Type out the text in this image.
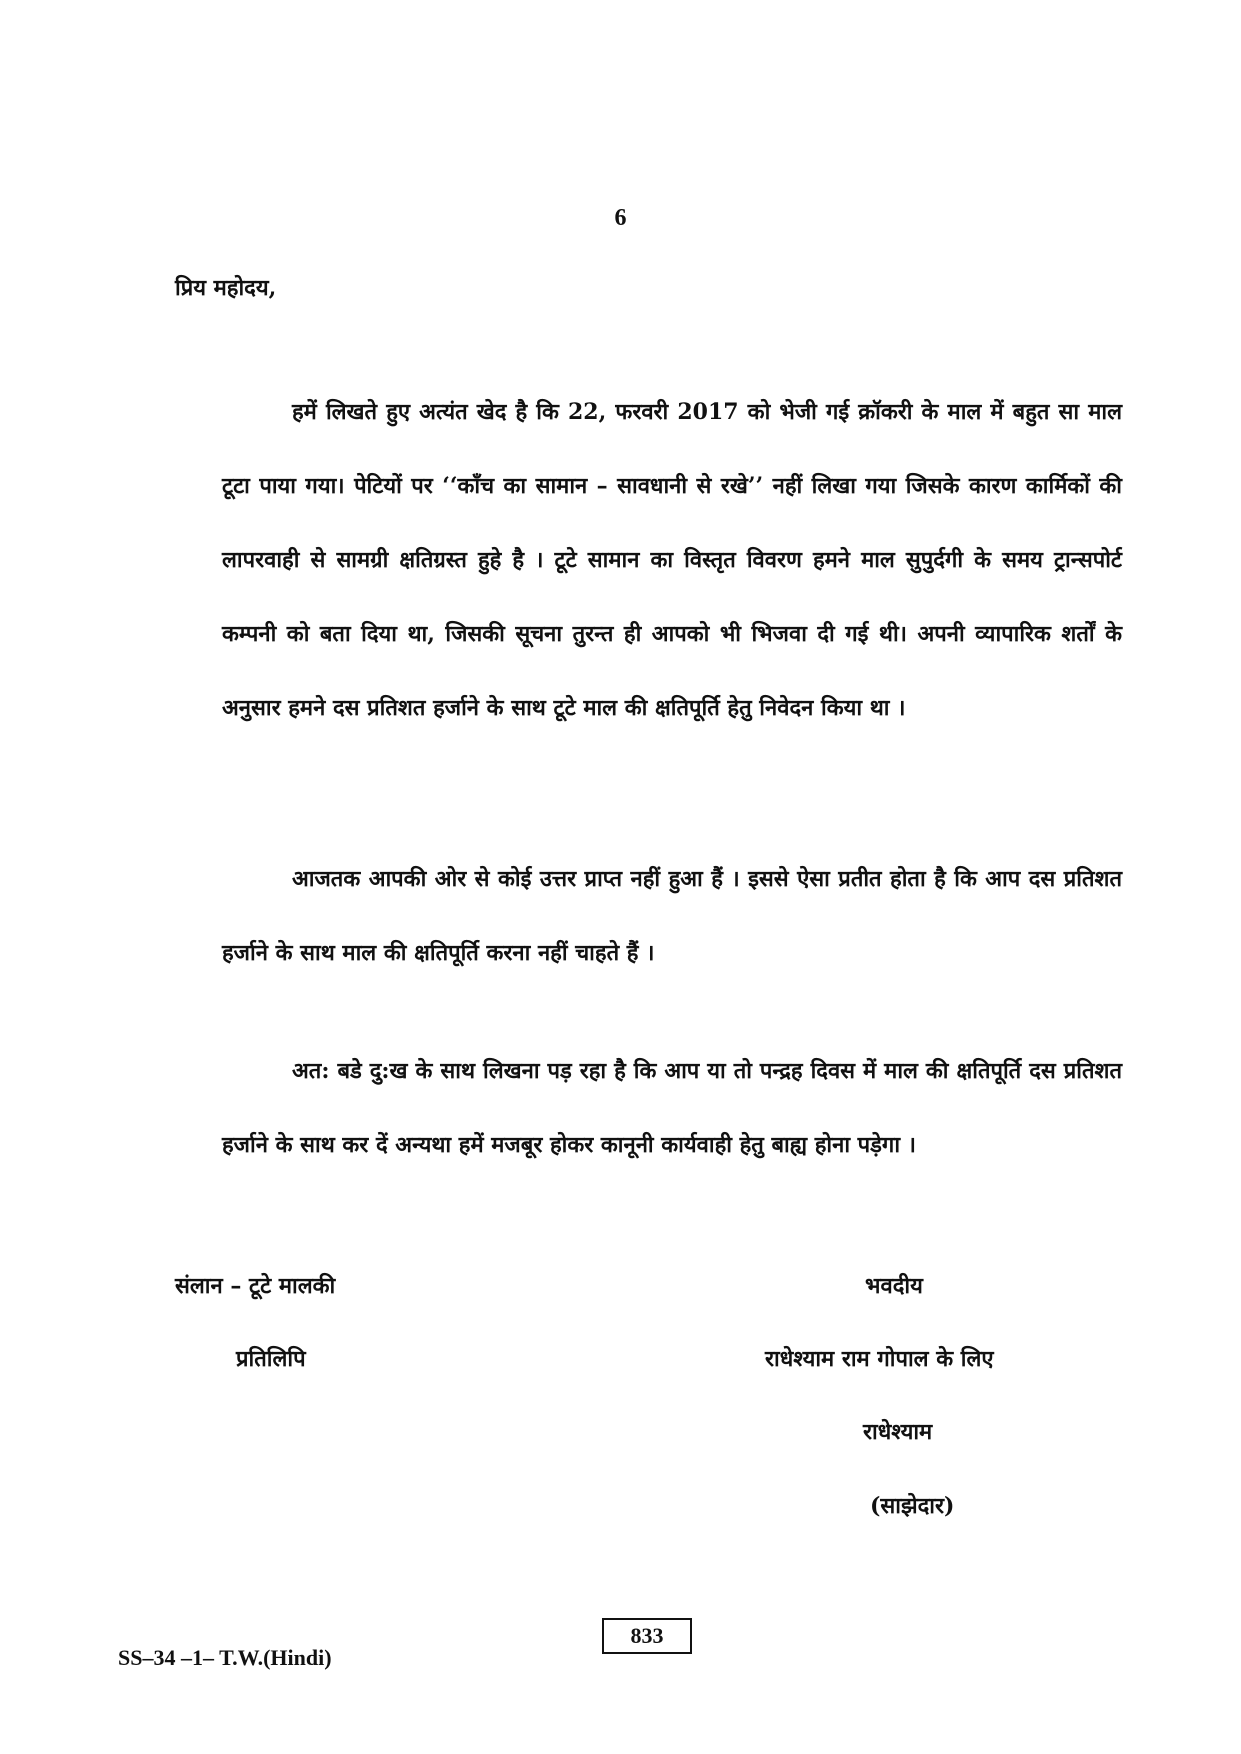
6
प्रिय महोदय,

हमें लिखते हुए अत्यंत खेद है कि 22, फरवरी 2017 को भेजी गई क्रॉकरी के माल में बहुत सा माल टूटा पाया गया। पेटियों पर ‘‘काँच का सामान – सावधानी से रखे’’ नहीं लिखा गया जिसके कारण कार्मिकों की लापरवाही से सामग्री क्षतिग्रस्त हुहे है । टूटे सामान का विस्तृत विवरण हमने माल सुपुर्दगी के समय ट्रान्सपोर्ट कम्पनी को बता दिया था, जिसकी सूचना तुरन्त ही आपको भी भिजवा दी गई थी। अपनी व्यापारिक शर्तों के अनुसार हमने दस प्रतिशत हर्जाने के साथ टूटे माल की क्षतिपूर्ति हेतु निवेदन किया था ।

आजतक आपकी ओर से कोई उत्तर प्राप्त नहीं हुआ हैं । इससे ऐसा प्रतीत होता है कि आप दस प्रतिशत हर्जाने के साथ माल की क्षतिपूर्ति करना नहीं चाहते हैं ।

अत: बडे दु:ख के साथ लिखना पड़ रहा है कि आप या तो पन्द्रह दिवस में माल की क्षतिपूर्ति दस प्रतिशत हर्जाने के साथ कर दें अन्यथा हमें मजबूर होकर कानूनी कार्यवाही हेतु बाह्य होना पड़ेगा ।

संलान – टूटे मालकी
प्रतिलिपि
भवदीय
राधेश्याम राम गोपाल के लिए
राधेश्याम
(साझेदार)
SS–34 –1– T.W.(Hindi)
833
